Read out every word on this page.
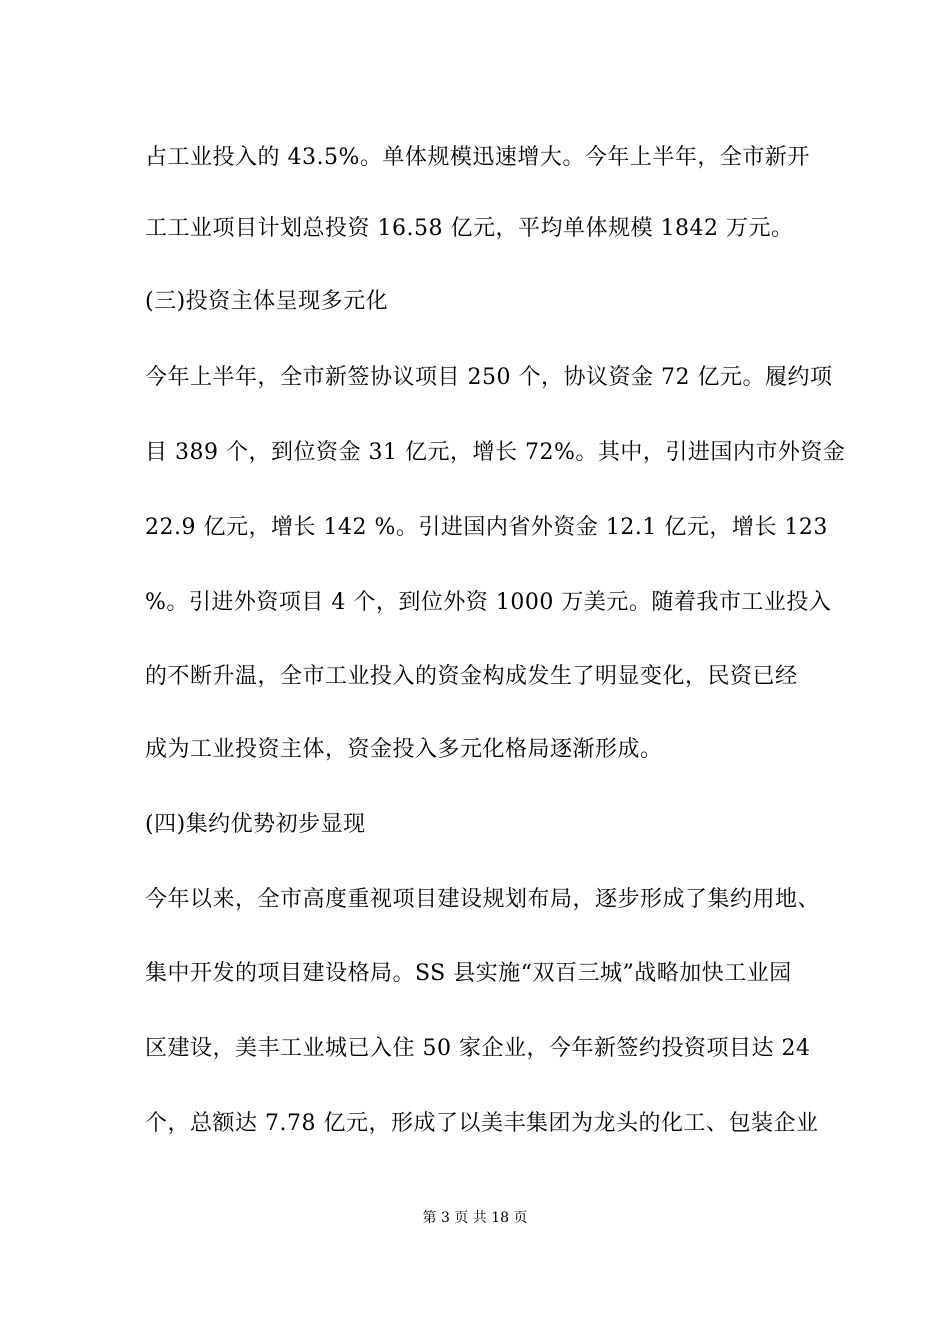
占工业投入的 43.5%。单体规模迅速增大。今年上半年，全市新开
工工业项目计划总投资 16.58 亿元，平均单体规模 1842 万元。
(三)投资主体呈现多元化
今年上半年，全市新签协议项目 250 个，协议资金 72 亿元。履约项
目 389 个，到位资金 31 亿元，增长 72%。其中，引进国内市外资金
22.9 亿元，增长 142 %。引进国内省外资金 12.1 亿元，增长 123
%。引进外资项目 4 个，到位外资 1000 万美元。随着我市工业投入
的不断升温，全市工业投入的资金构成发生了明显变化，民资已经
成为工业投资主体，资金投入多元化格局逐渐形成。
(四)集约优势初步显现
今年以来，全市高度重视项目建设规划布局，逐步形成了集约用地、
集中开发的项目建设格局。SS 县实施“双百三城”战略加快工业园
区建设，美丰工业城已入住 50 家企业，今年新签约投资项目达 24
个，总额达 7.78 亿元，形成了以美丰集团为龙头的化工、包装企业
第 3 页 共 18 页
